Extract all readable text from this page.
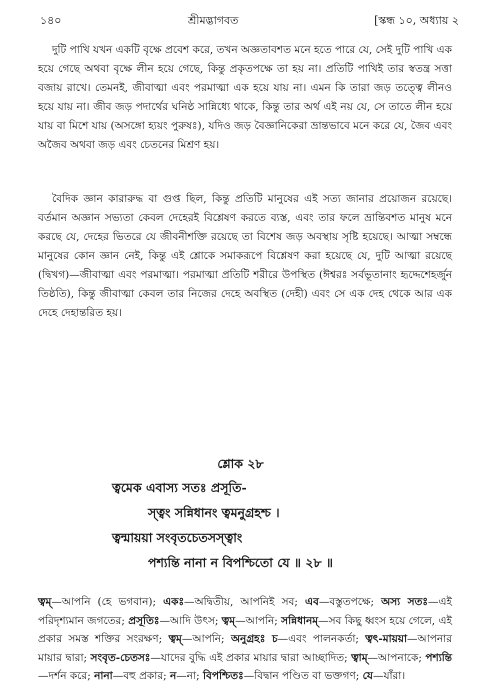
১৪০	শ্রীমদ্ভাগবত	[স্কন্ধ ১০, অধ্যায় ২

দুটি পাখি যখন একটি বৃক্ষে প্রবেশ করে, তখন অজ্ঞতাবশত মনে হতে পারে যে, সেই দুটি পাখি এক হয়ে গেছে অথবা বৃক্ষে লীন হয়ে গেছে, কিন্তু প্রকৃতপক্ষে তা হয় না। প্রতিটি পাখিই তার স্বতন্ত্র সত্তা বজায় রাখে। তেমনই, জীবাত্মা এবং পরমাত্মা এক হয়ে যায় না। এমন কি তারা জড় তত্ত্বে লীনও হয়ে যায় না। জীব জড় পদার্থের ঘনিষ্ঠ সান্নিধ্যে থাকে, কিন্তু তার অর্থ এই নয় যে, সে তাতে লীন হয়ে যায় বা মিশে যায় (অসঙ্গো হ্যয়ং পুরুষঃ), যদিও জড় বৈজ্ঞানিকেরা ভ্রান্তভাবে মনে করে যে, জৈব এবং অজৈব অথবা জড় এবং চেতনের মিশ্রণ হয়।

বৈদিক জ্ঞান কারারুদ্ধ বা গুপ্ত ছিল, কিন্তু প্রতিটি মানুষের এই সত্য জানার প্রয়োজন রয়েছে। বর্তমান অজ্ঞান সভ্যতা কেবল দেহেরই বিশ্লেষণ করতে ব্যস্ত, এবং তার ফলে ভ্রান্তিবশত মানুষ মনে করছে যে, দেহের ভিতরে যে জীবনীশক্তি রয়েছে তা বিশেষ জড় অবস্থায় সৃষ্টি হয়েছে। আত্মা সম্বন্ধে মানুষের কোন জ্ঞান নেই, কিন্তু এই শ্লোকে সমাকরূপে বিশ্লেষণ করা হয়েছে যে, দুটি আত্মা রয়েছে (দ্বিখগ)—জীবাত্মা এবং পরমাত্মা। পরমাত্মা প্রতিটি শরীরে উপস্থিত (ঈশ্বরঃ সর্বভূতানাং হৃদ্দেশেহর্জুন তিষ্ঠতি), কিন্তু জীবাত্মা কেবল তার নিজের দেহে অবস্থিত (দেহী) এবং সে এক দেহ থেকে আর এক দেহে দেহান্তরিত হয়।

শ্লোক ২৮
ত্বমেক এবাস্য সতঃ প্রসূতি-
স্ত্বং সন্নিধানং ত্বমনুগ্রহশ্চ ।
ত্বন্মায়য়া সংবৃতচেতসস্ত্বাং
পশ্যন্তি নানা ন বিপশ্চিতো যে ॥ ২৮ ॥
ত্বম্—আপনি (হে ভগবান); একঃ—অদ্বিতীয়, আপনিই সব; এব—বস্তুতপক্ষে; অস্য সতঃ—এই পরিদৃশ্যমান জগতের; প্রসূতিঃ—আদি উৎস; ত্বম্—আপনি; সন্নিধানম্—সব কিছু ধ্বংস হয়ে গেলে, এই প্রকার সমস্ত শক্তির সংরক্ষণ; ত্বম্—আপনি; অনুগ্রহঃ চ—এবং পালনকর্তা; ত্বৎ-মায়য়া—আপনার মায়ার দ্বারা; সংবৃত-চেতসঃ—যাদের বুদ্ধি এই প্রকার মায়ার দ্বারা আচ্ছাদিত; ত্বাম্—আপনাকে; পশ্যন্তি—দর্শন করে; নানা—বহু প্রকার; ন—না; বিপশ্চিতঃ—বিদ্বান পণ্ডিত বা ভক্তগণ; যে—যাঁরা।
